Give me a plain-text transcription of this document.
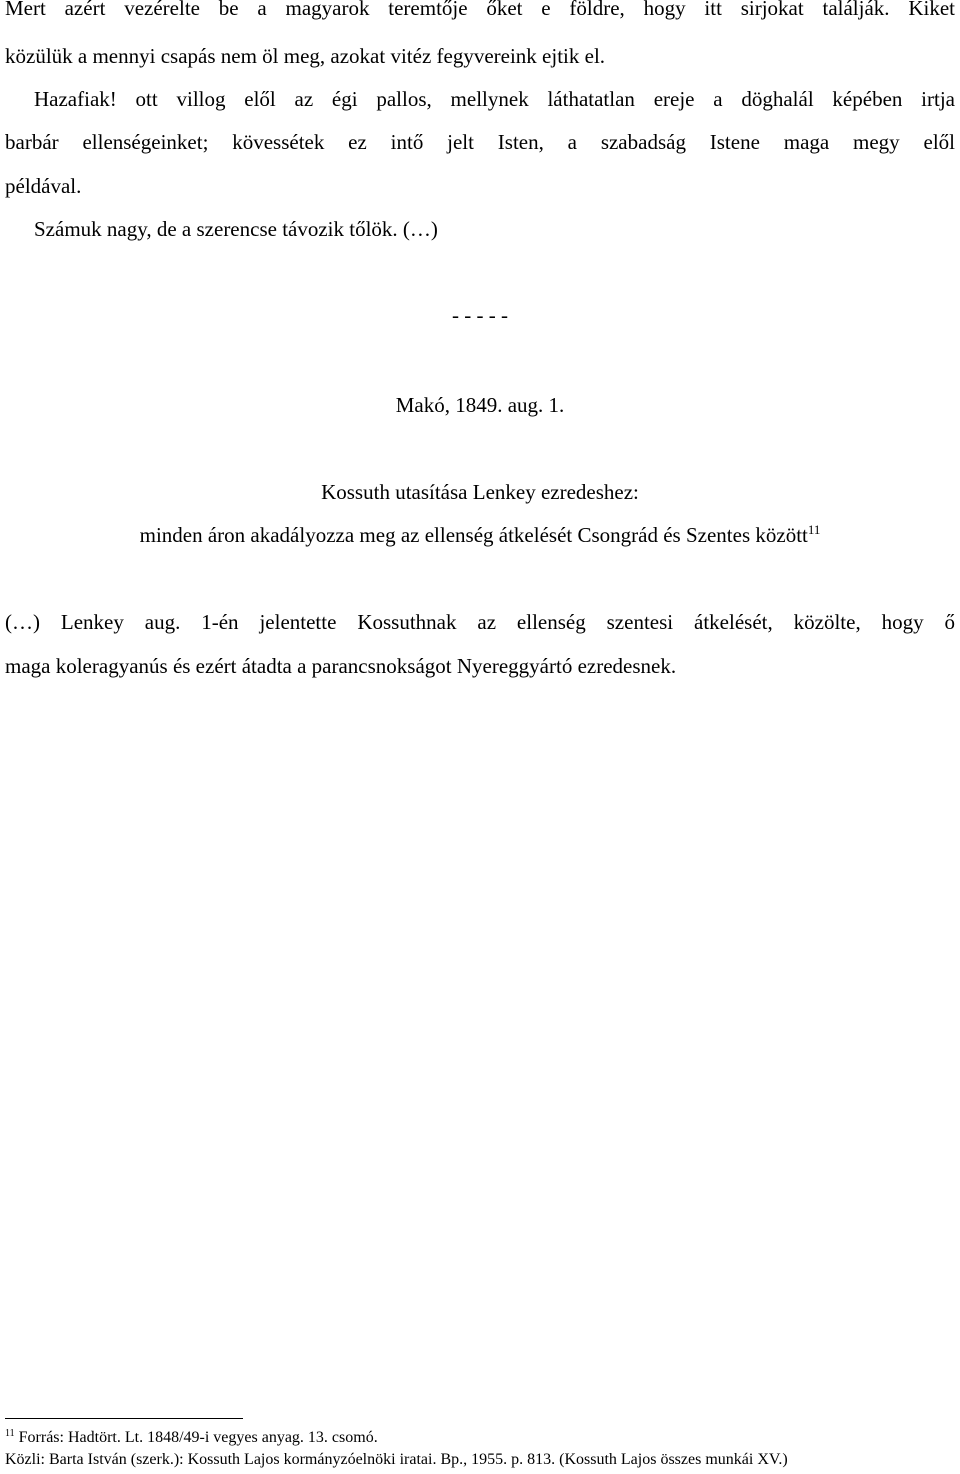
Mert azért vezérelte be a magyarok teremtője őket e földre, hogy itt sirjokat találják. Kiket
közülük a mennyi csapás nem öl meg, azokat vitéz fegyvereink ejtik el.
Hazafiak! ott villog elől az égi pallos, mellynek láthatatlan ereje a döghalál képében irtja
barbár ellenségeinket; kövessétek ez intő jelt Isten, a szabadság Istene maga megy elől
példával.
Számuk nagy, de a szerencse távozik tőlök. (…)
- - - - -
Makó, 1849. aug. 1.
Kossuth utasítása Lenkey ezredeshez:
minden áron akadályozza meg az ellenség átkelését Csongrád és Szentes között$^{11}$
(…) Lenkey aug. 1-én jelentette Kossuthnak az ellenség szentesi átkelését, közölte, hogy ő
maga koleragyanús és ezért átadta a parancsnokságot Nyereggyártó ezredesnek.
$^{11}$ Forrás: Hadtört. Lt. 1848/49-i vegyes anyag. 13. csomó.
Közli: Barta István (szerk.): Kossuth Lajos kormányzóelnöki iratai. Bp., 1955. p. 813. (Kossuth Lajos összes munkái XV.)
